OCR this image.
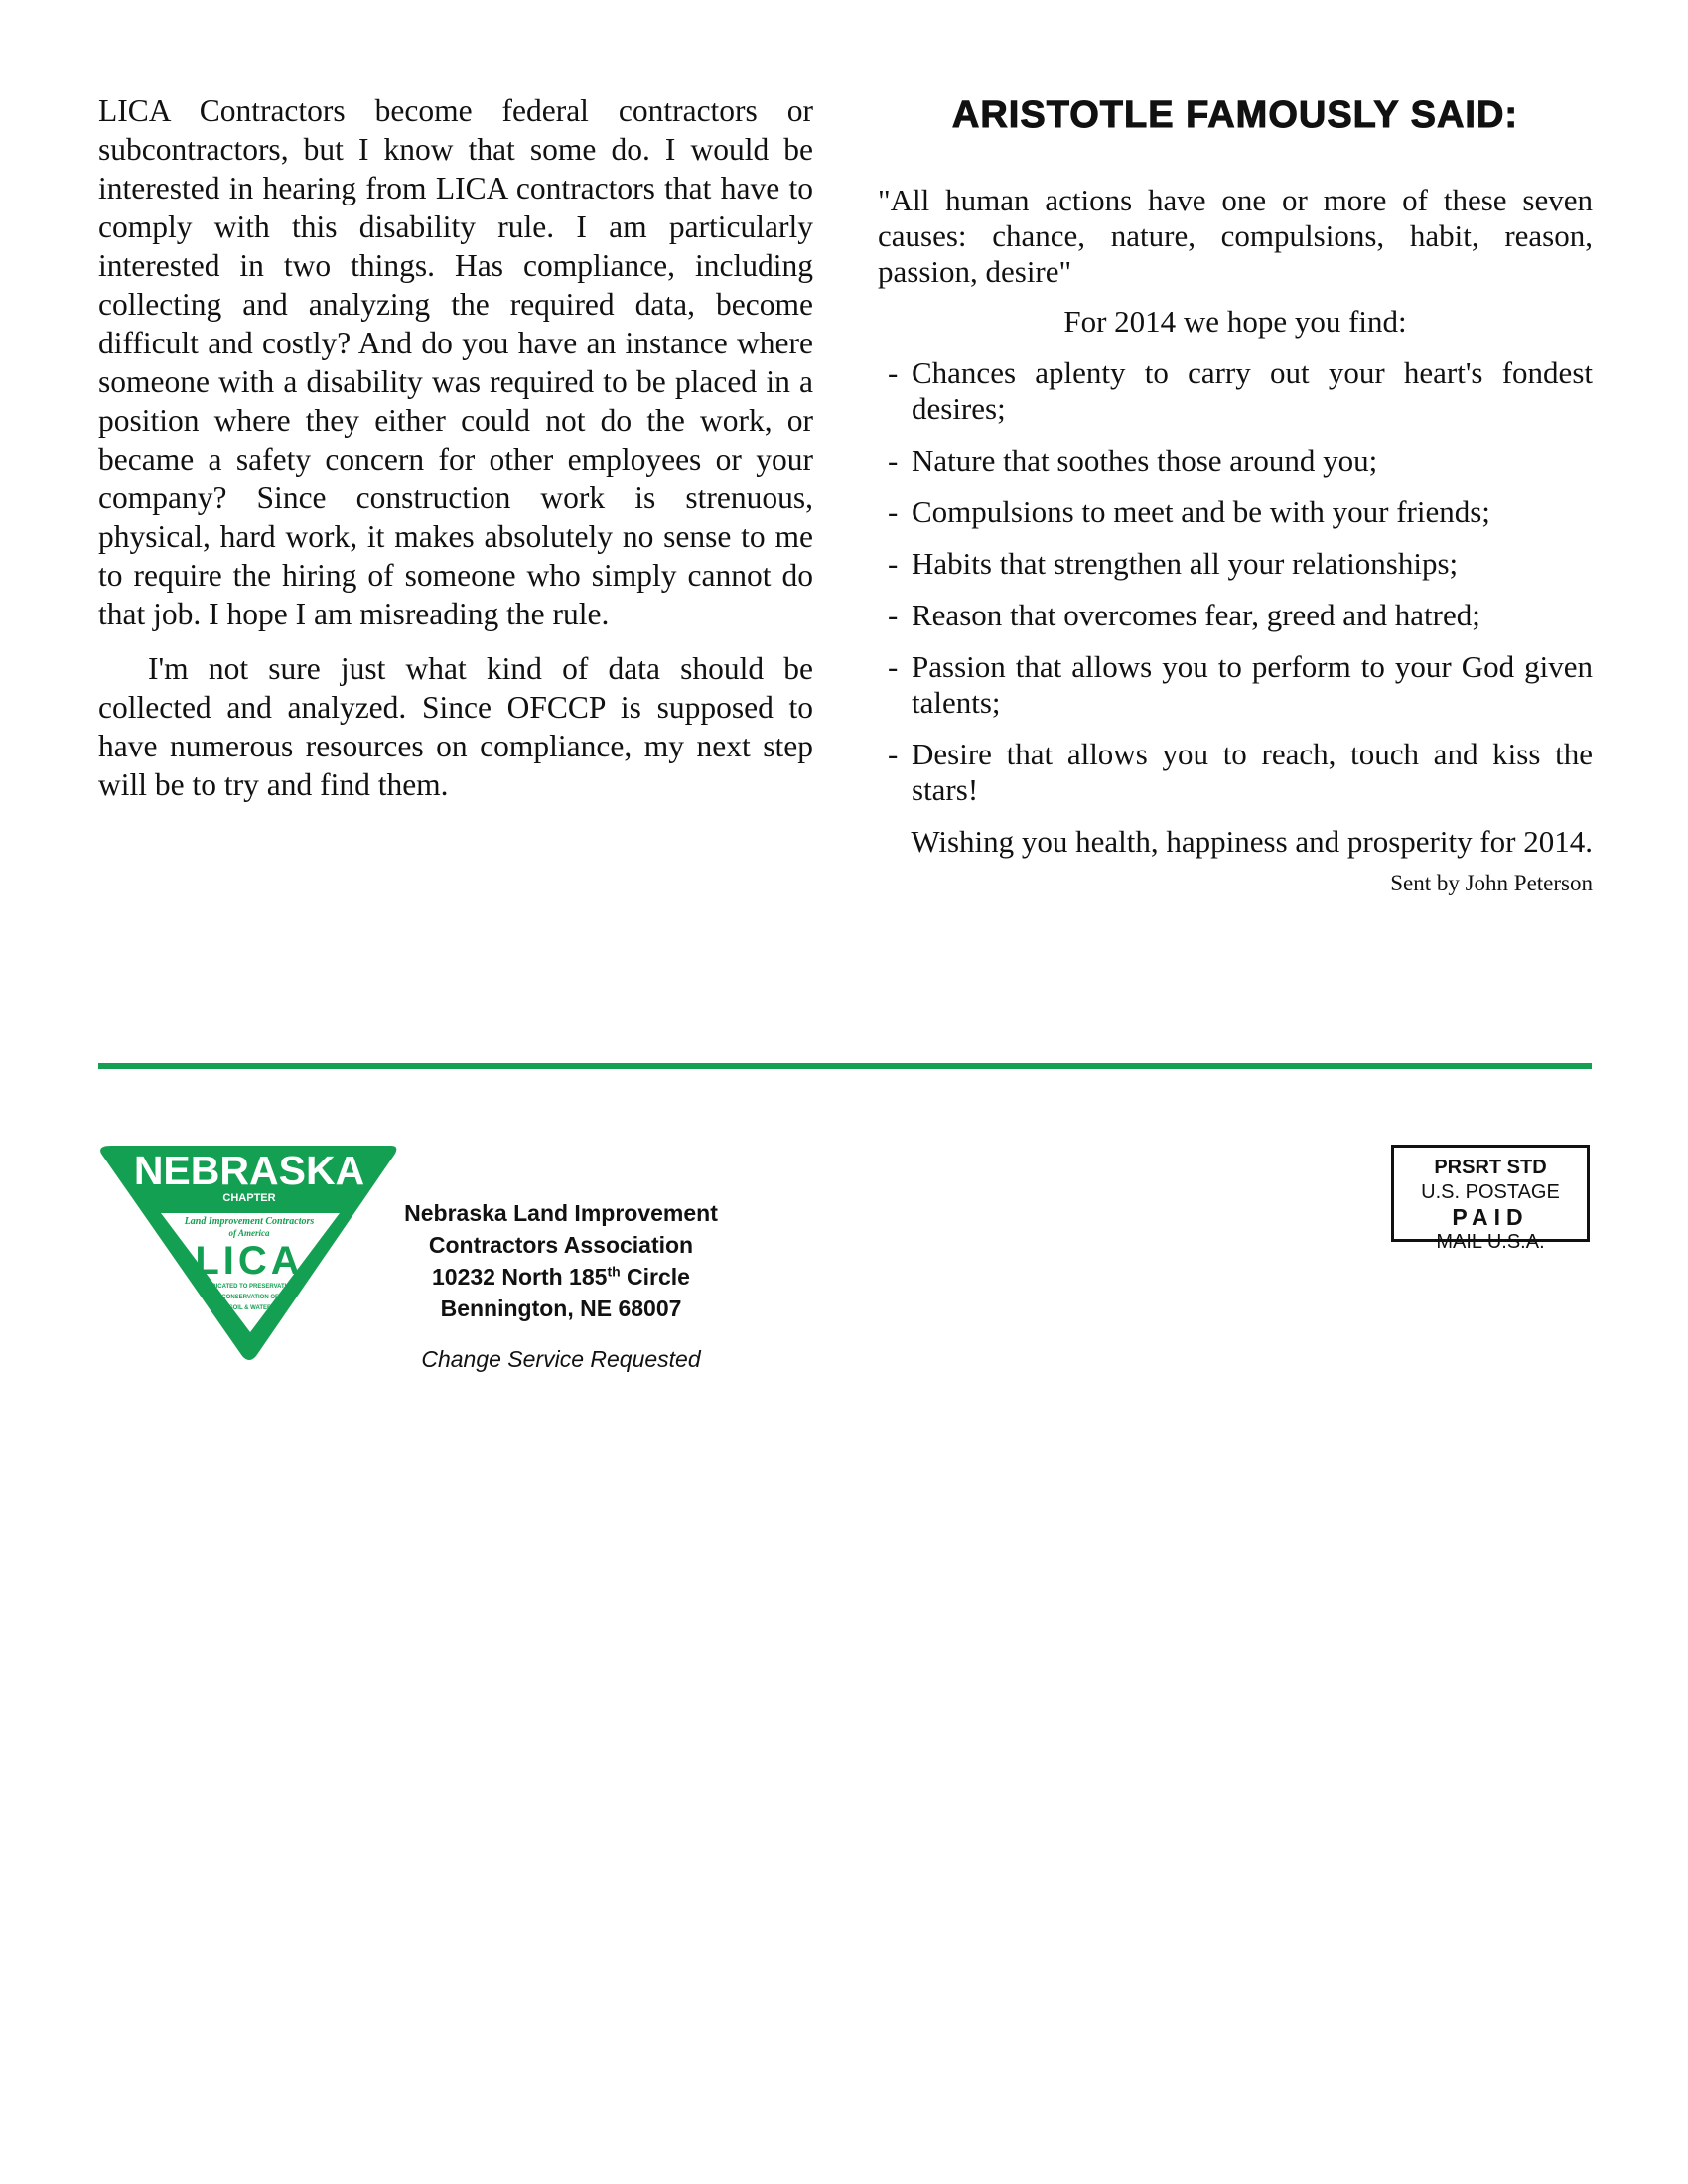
LICA Contractors become federal contractors or subcontractors, but I know that some do. I would be interested in hearing from LICA contractors that have to comply with this disability rule. I am particularly interested in two things. Has compliance, including collecting and analyzing the required data, become difficult and costly? And do you have an instance where someone with a disability was required to be placed in a position where they either could not do the work, or became a safety concern for other employees or your company? Since construction work is strenuous, physical, hard work, it makes absolutely no sense to me to require the hiring of someone who simply cannot do that job. I hope I am misreading the rule.

I'm not sure just what kind of data should be collected and analyzed. Since OFCCP is supposed to have numerous resources on compliance, my next step will be to try and find them.

ARISTOTLE FAMOUSLY SAID:
"All human actions have one or more of these seven causes: chance, nature, compulsions, habit, reason, passion, desire"
For 2014 we hope you find:
- Chances aplenty to carry out your heart's fondest desires;
- Nature that soothes those around you;
- Compulsions to meet and be with your friends;
- Habits that strengthen all your relationships;
- Reason that overcomes fear, greed and hatred;
- Passion that allows you to perform to your God given talents;
- Desire that allows you to reach, touch and kiss the stars!
Wishing you health, happiness and prosperity for 2014.
Sent by John Peterson
NEBRASKA
CHAPTER
Land Improvement Contractors
of America
LICA
DEDICATED TO PRESERVATION,
CONSERVATION OF
SOIL & WATER
Nebraska Land Improvement
Contractors Association
10232 North 185th Circle
Bennington, NE 68007
Change Service Requested
PRSRT STD
U.S. POSTAGE
PAID
MAIL U.S.A.
